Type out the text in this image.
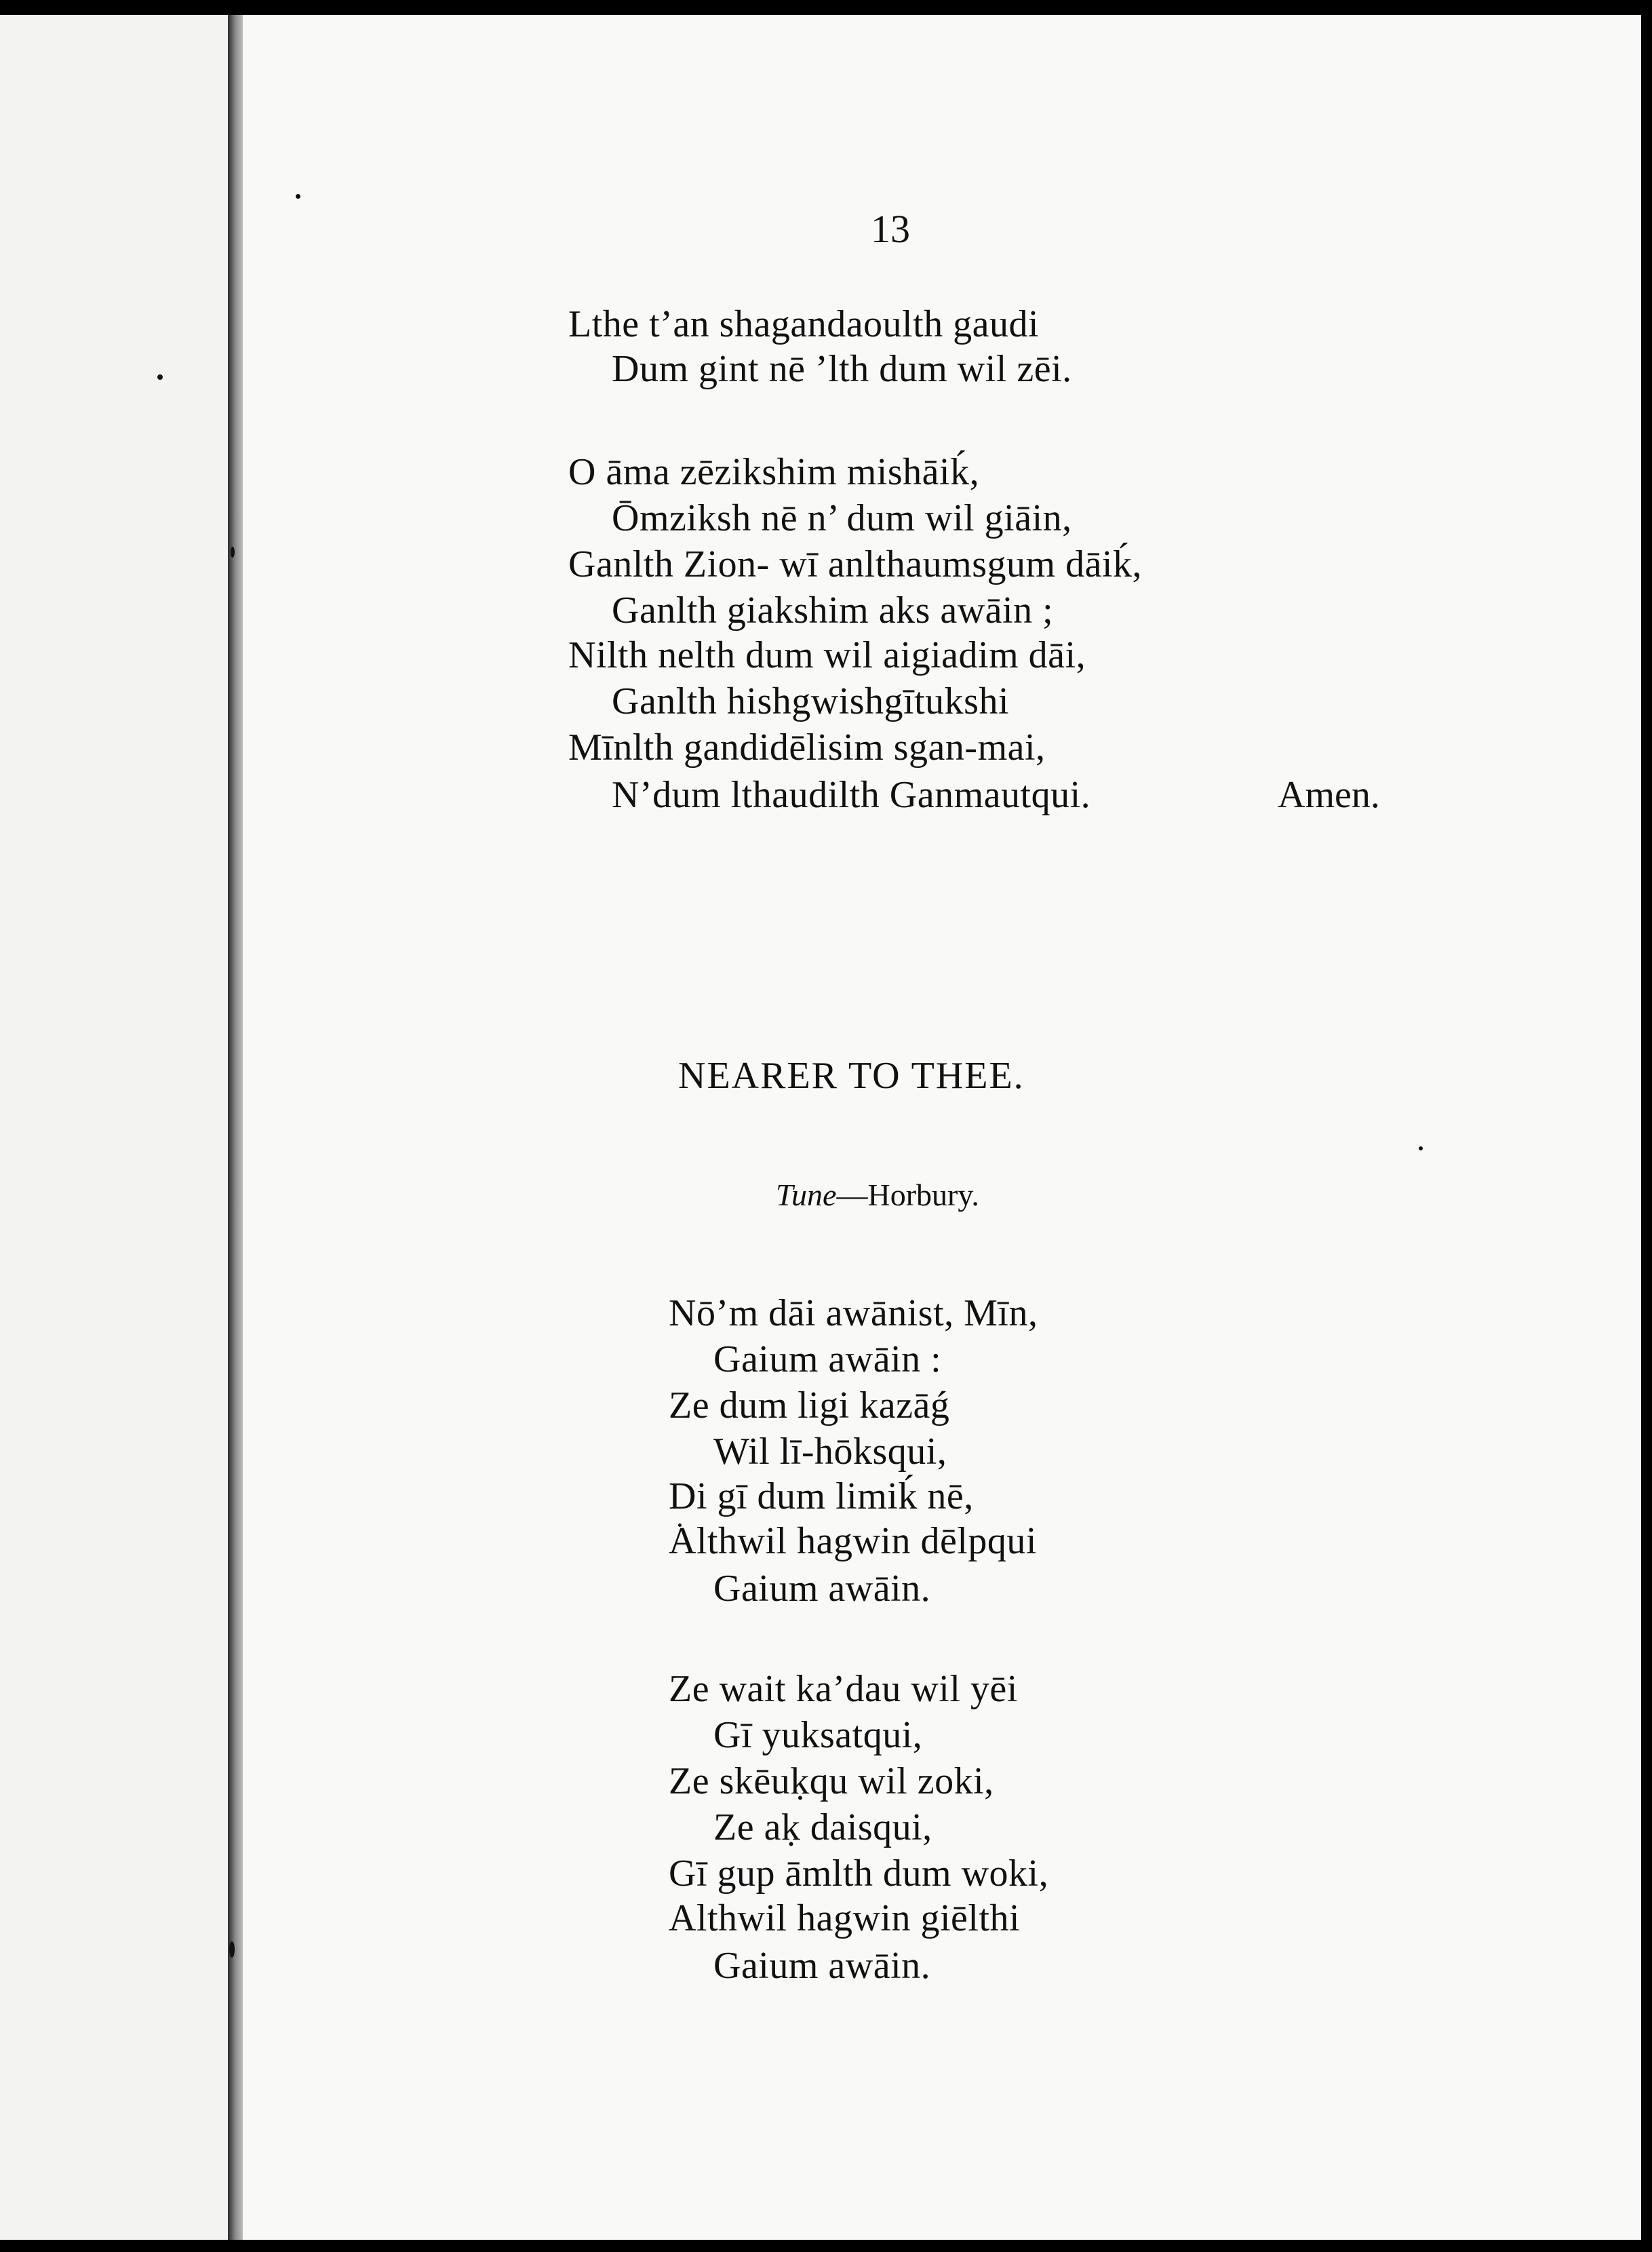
13
Lthe t’an shagandaoulth gaudi
Dum gint nē ’lth dum wil zēi.
O āma zēzikshim mishāiḱ,
Ōmziksh nē n’ dum wil giāin,
Ganlth Zion- wī anlthaumsgum dāiḱ,
Ganlth giakshim aks awāin ;
Nilth nelth dum wil aigiadim dāi,
Ganlth hishgwishgītukshi
Mīnlth gandidēlisim sgan-mai,
N’dum lthaudilth Ganmautqui.	Amen.
NEARER TO THEE.
Tune—Horbury.
Nō’m dāi awānist, Mīn,
Gaium awāin :
Ze dum ligi kazāǵ
Wil lī-hōksqui,
Di gī dum limiḱ nē,
Althwil hagwin dēlpqui
Gaium awāin.
Ze wait ka’dau wil yēi
Gī yuksatqui,
Ze skēuḳqu wil zoki,
Ze aḳ daisqui,
Gī gup āmlth dum woki,
Althwil hagwin giēlthi
Gaium awāin.
